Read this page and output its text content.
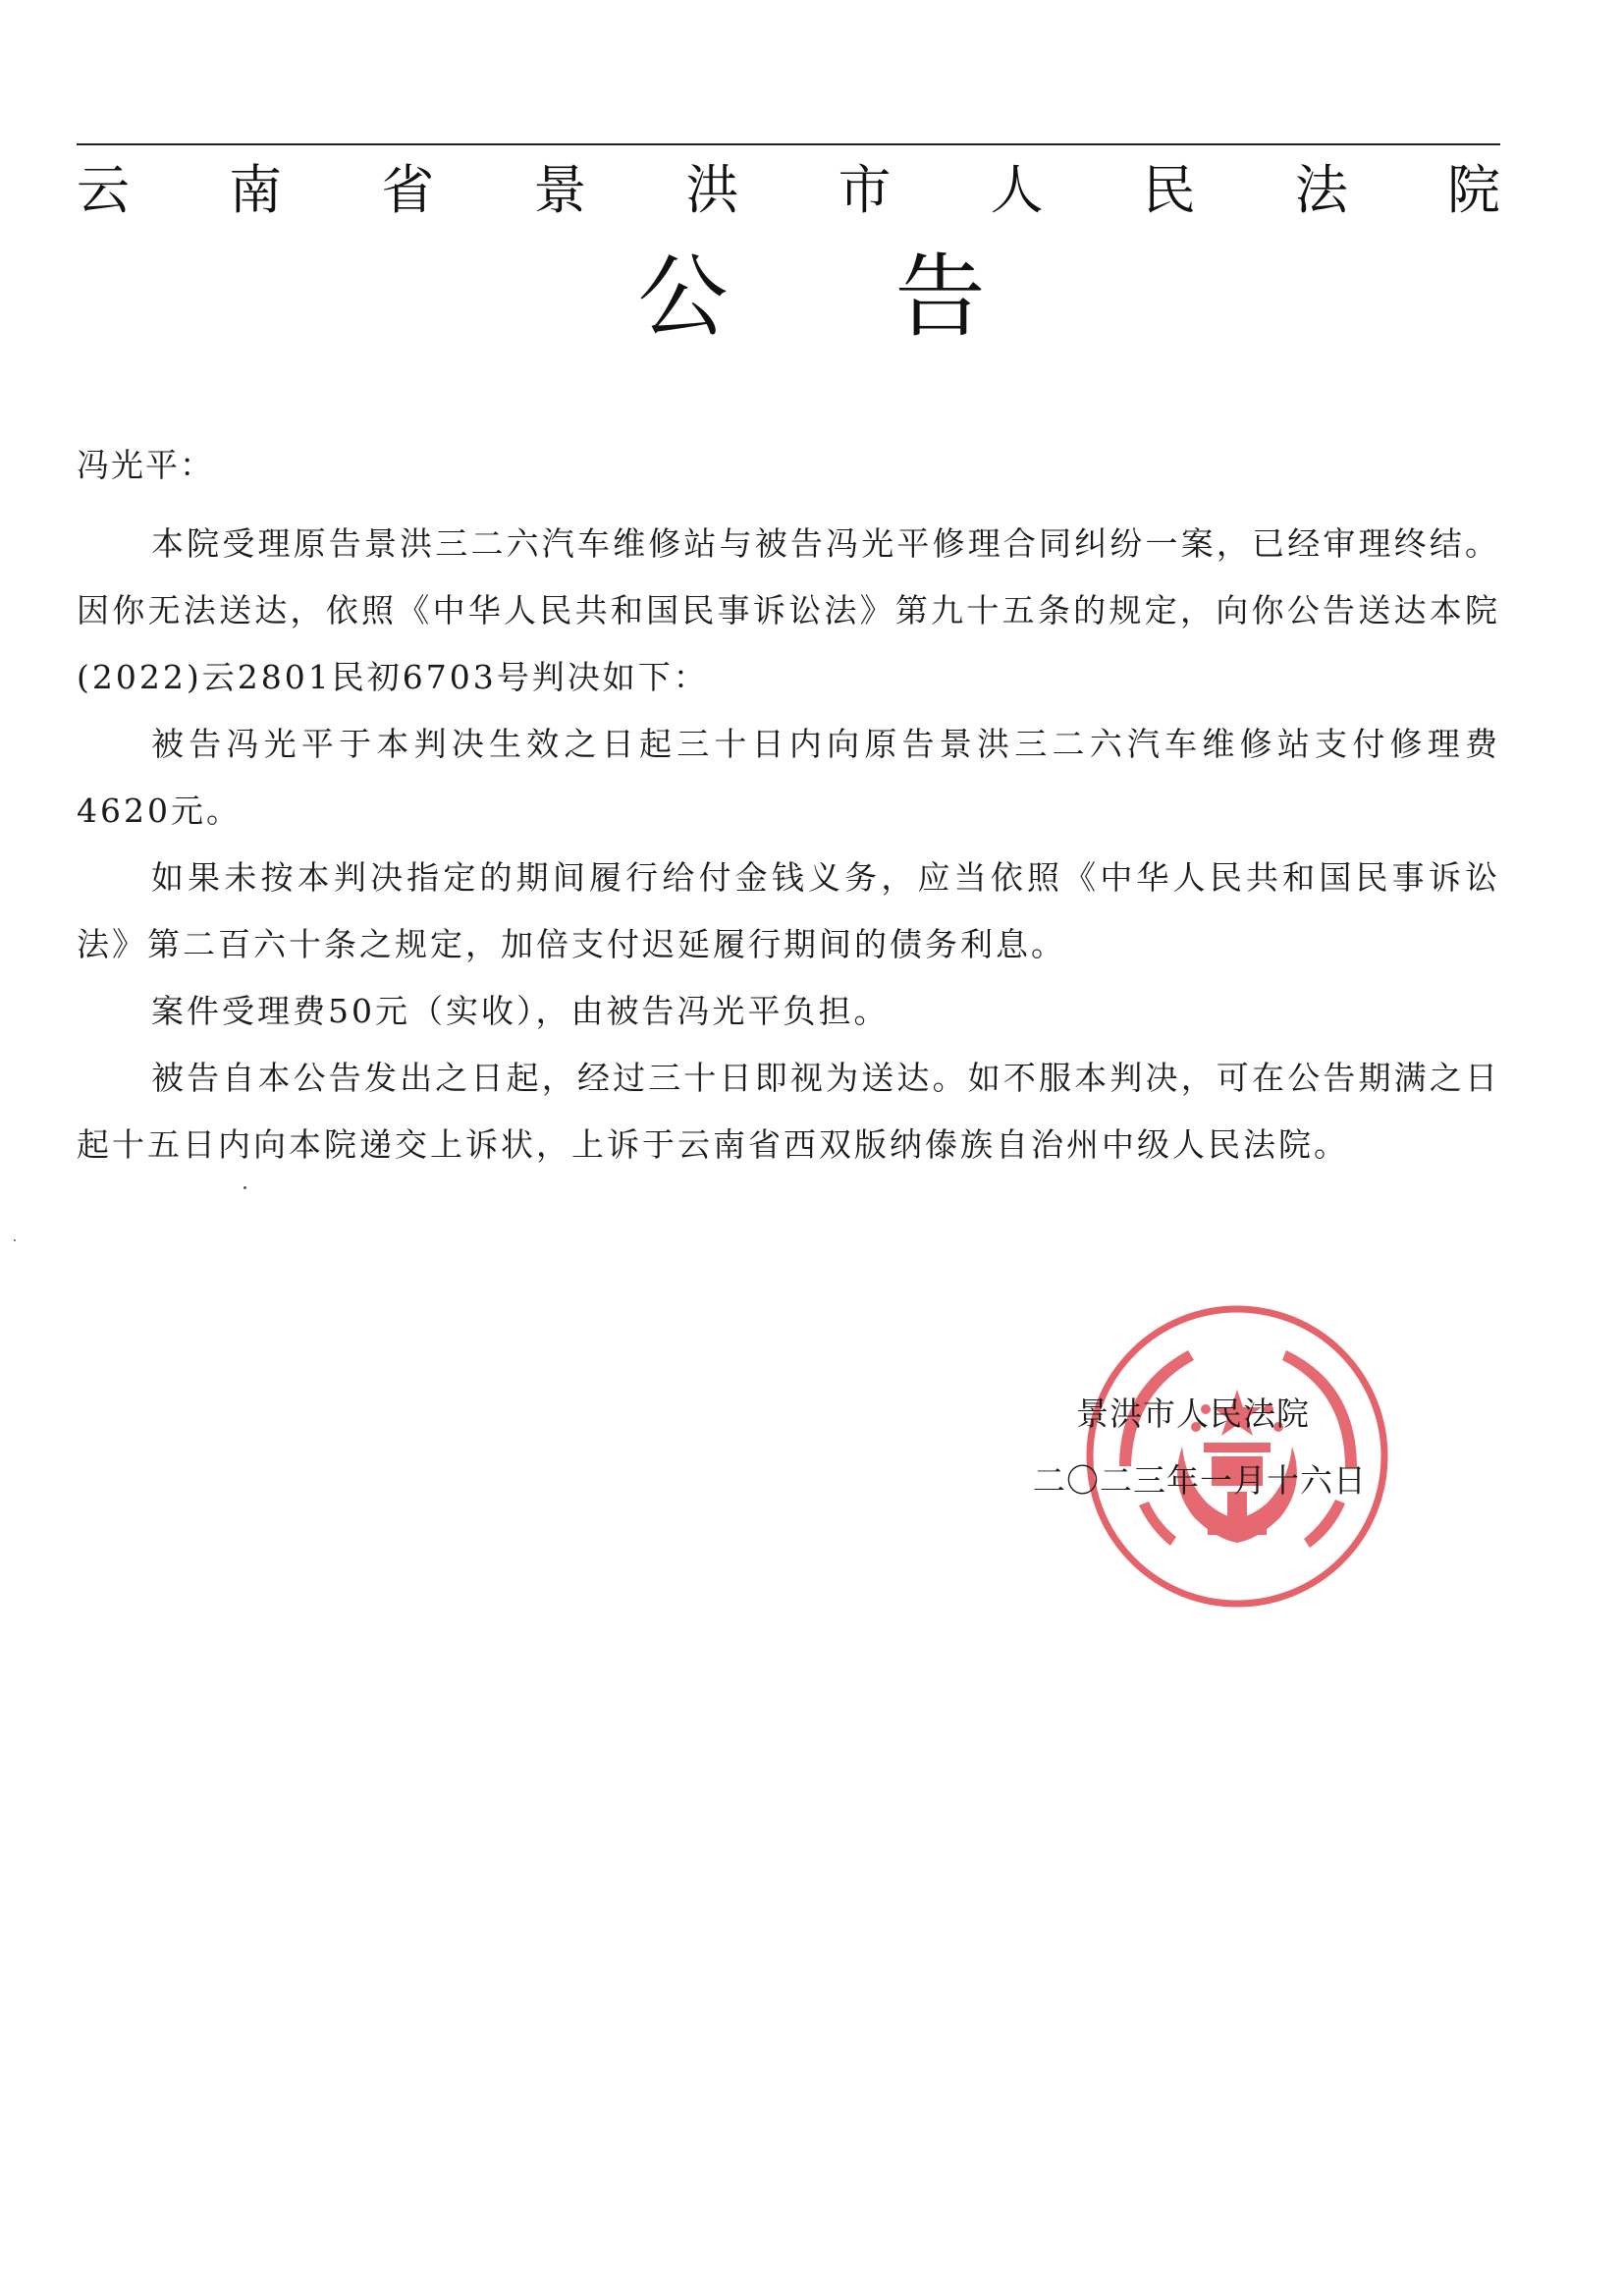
云 南 省 景 洪 市 人 民 法 院
公 告
冯光平：

本院受理原告景洪三二六汽车维修站与被告冯光平修理合同纠纷一案，已经审理终结。因你无法送达，依照《中华人民共和国民事诉讼法》第九十五条的规定，向你公告送达本院(2022)云2801民初6703号判决如下：

被告冯光平于本判决生效之日起三十日内向原告景洪三二六汽车维修站支付修理费4620元。

如果未按本判决指定的期间履行给付金钱义务，应当依照《中华人民共和国民事诉讼法》第二百六十条之规定，加倍支付迟延履行期间的债务利息。

案件受理费50元（实收），由被告冯光平负担。

被告自本公告发出之日起，经过三十日即视为送达。如不服本判决，可在公告期满之日起十五日内向本院递交上诉状，上诉于云南省西双版纳傣族自治州中级人民法院。

景洪市人民法院
二〇二三年一月十六日
